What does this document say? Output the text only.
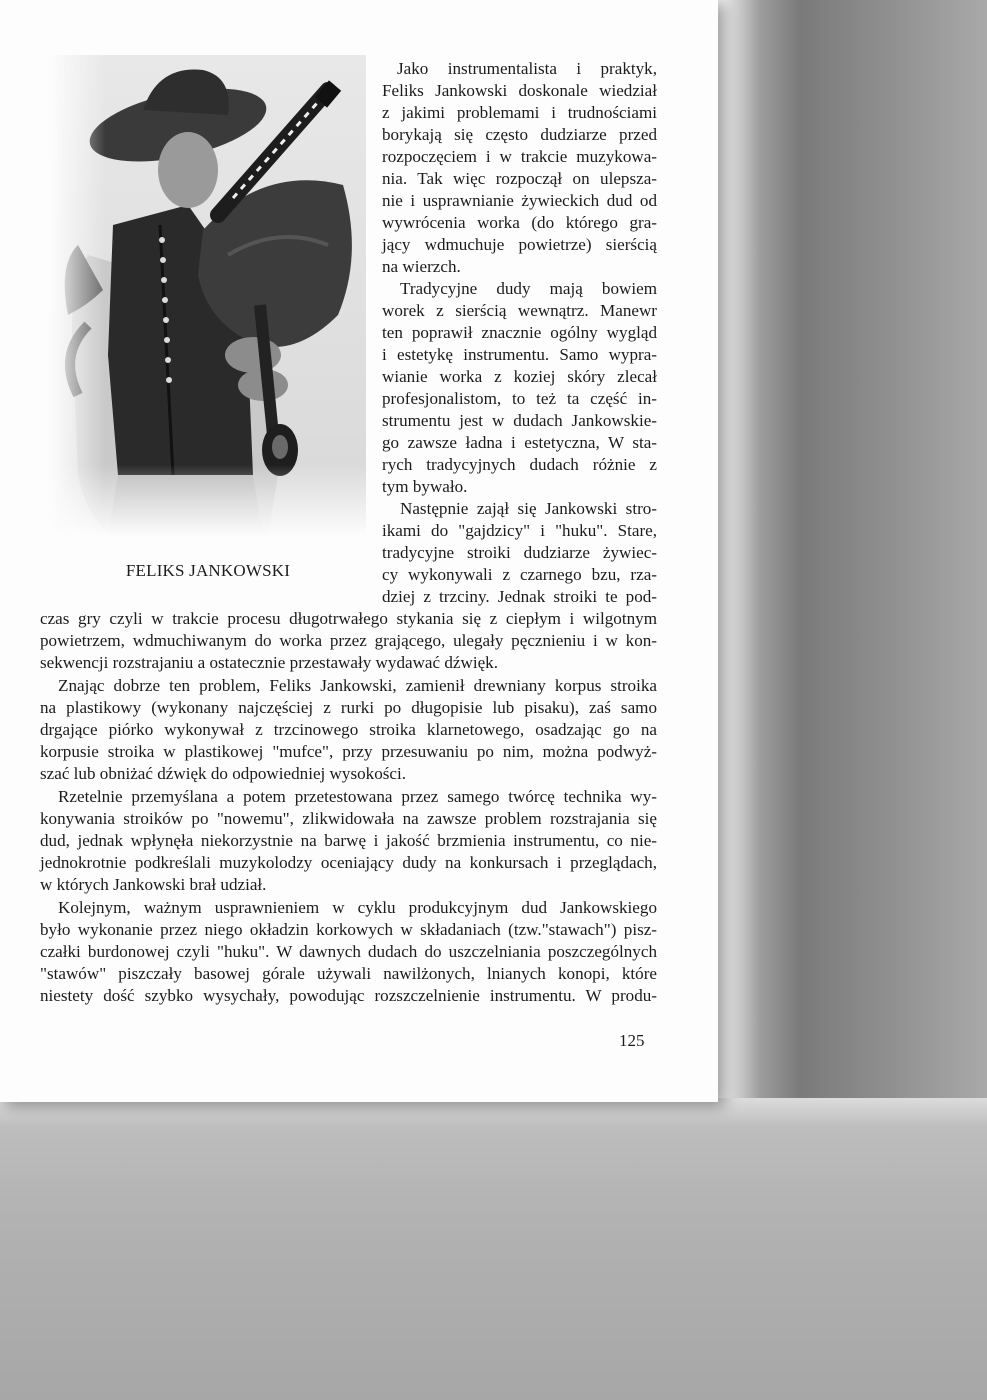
FELIKS JANKOWSKI
Jako instrumentalista i praktyk,
Feliks Jankowski doskonale wiedział
z jakimi problemami i trudnościami
borykają się często dudziarze przed
rozpoczęciem i w trakcie muzykowa-
nia. Tak więc rozpoczął on ulepsza-
nie i usprawnianie żywieckich dud od
wywrócenia worka (do którego gra-
jący wdmuchuje powietrze) sierścią
na wierzch.
Tradycyjne dudy mają bowiem
worek z sierścią wewnątrz. Manewr
ten poprawił znacznie ogólny wygląd
i estetykę instrumentu. Samo wypra-
wianie worka z koziej skóry zlecał
profesjonalistom, to też ta część in-
strumentu jest w dudach Jankowskie-
go zawsze ładna i estetyczna, W sta-
rych tradycyjnych dudach różnie z
tym bywało.
Następnie zajął się Jankowski stro-
ikami do "gajdzicy" i "huku". Stare,
tradycyjne stroiki dudziarze żywiec-
cy wykonywali z czarnego bzu, rza-
dziej z trzciny. Jednak stroiki te pod-
czas gry czyli w trakcie procesu długotrwałego stykania się z ciepłym i wilgotnym
powietrzem, wdmuchiwanym do worka przez grającego, ulegały pęcznieniu i w kon-
sekwencji rozstrajaniu a ostatecznie przestawały wydawać dźwięk.
Znając dobrze ten problem, Feliks Jankowski, zamienił drewniany korpus stroika
na plastikowy (wykonany najczęściej z rurki po długopisie lub pisaku), zaś samo
drgające piórko wykonywał z trzcinowego stroika klarnetowego, osadzając go na
korpusie stroika w plastikowej "mufce", przy przesuwaniu po nim, można podwyż-
szać lub obniżać dźwięk do odpowiedniej wysokości.
Rzetelnie przemyślana a potem przetestowana przez samego twórcę technika wy-
konywania stroików po "nowemu", zlikwidowała na zawsze problem rozstrajania się
dud, jednak wpłynęła niekorzystnie na barwę i jakość brzmienia instrumentu, co nie-
jednokrotnie podkreślali muzykolodzy oceniający dudy na konkursach i przeglądach,
w których Jankowski brał udział.
Kolejnym, ważnym usprawnieniem w cyklu produkcyjnym dud Jankowskiego
było wykonanie przez niego okładzin korkowych w składaniach (tzw."stawach") pisz-
czałki burdonowej czyli "huku". W dawnych dudach do uszczelniania poszczególnych
"stawów" piszczały basowej górale używali nawilżonych, lnianych konopi, które
niestety dość szybko wysychały, powodując rozszczelnienie instrumentu. W produ-
125
